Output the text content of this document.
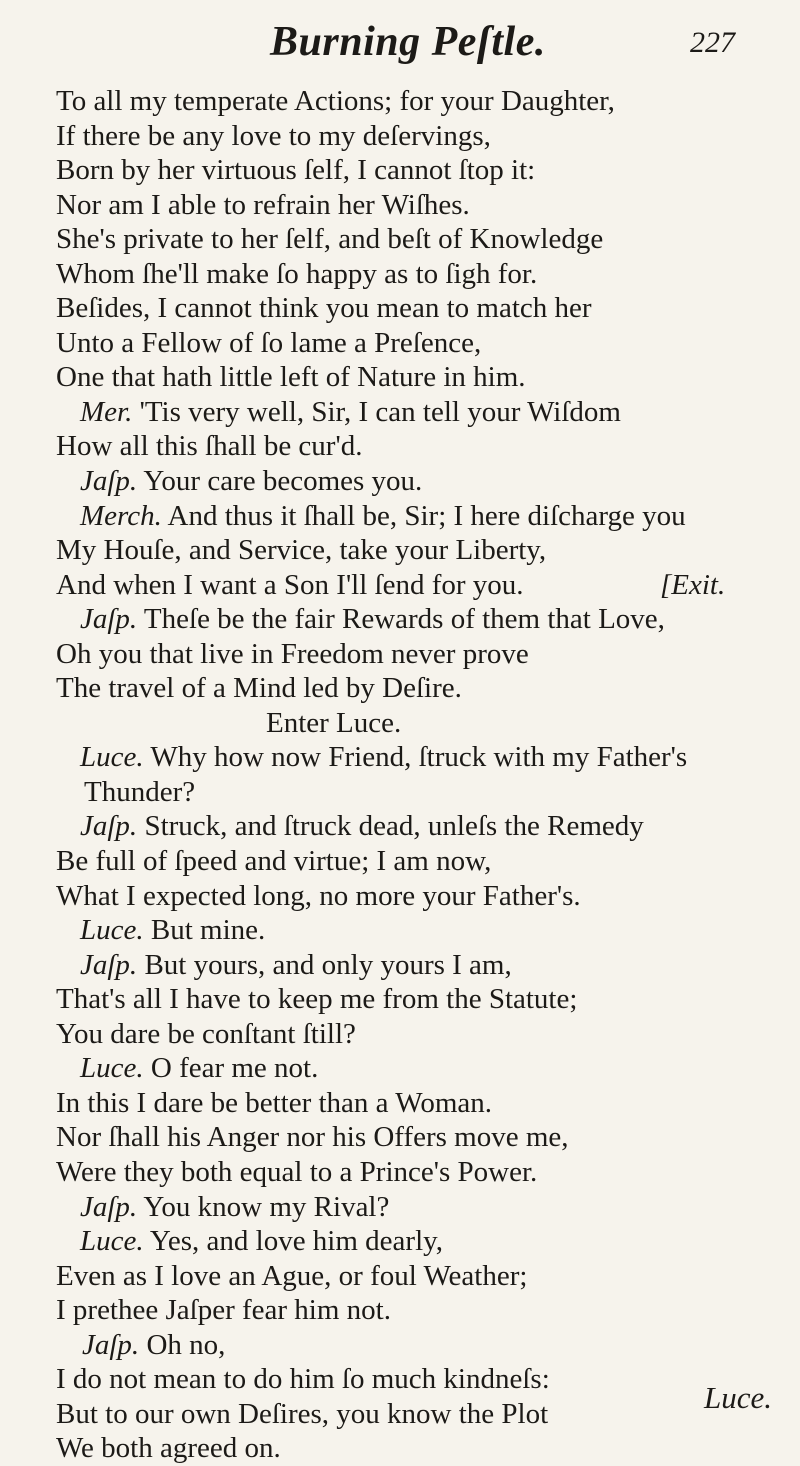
Burning Peſtle.	227
To all my temperate Actions; for your Daughter,
If there be any love to my deſervings,
Born by her virtuous ſelf, I cannot ſtop it:
Nor am I able to refrain her Wiſhes.
She's private to her ſelf, and beſt of Knowledge
Whom ſhe'll make ſo happy as to ſigh for.
Beſides, I cannot think you mean to match her
Unto a Fellow of ſo lame a Preſence,
One that hath little left of Nature in him.
Mer. 'Tis very well, Sir, I can tell your Wiſdom
How all this ſhall be cur'd.
Jaſp. Your care becomes you.
Merch. And thus it ſhall be, Sir; I here diſcharge you
My Houſe, and Service, take your Liberty,
And when I want a Son I'll ſend for you.	[Exit.
Jaſp. Theſe be the fair Rewards of them that Love,
Oh you that live in Freedom never prove
The travel of a Mind led by Deſire.
Enter Luce.
Luce. Why how now Friend, ſtruck with my Father's
Thunder?
Jaſp. Struck, and ſtruck dead, unleſs the Remedy
Be full of ſpeed and virtue; I am now,
What I expected long, no more your Father's.
Luce. But mine.
Jaſp. But yours, and only yours I am,
That's all I have to keep me from the Statute;
You dare be conſtant ſtill?
Luce. O fear me not.
In this I dare be better than a Woman.
Nor ſhall his Anger nor his Offers move me,
Were they both equal to a Prince's Power.
Jaſp. You know my Rival?
Luce. Yes, and love him dearly,
Even as I love an Ague, or foul Weather;
I prethee Jaſper fear him not.
Jaſp. Oh no,
I do not mean to do him ſo much kindneſs:
But to our own Deſires, you know the Plot
We both agreed on.
Luce.
